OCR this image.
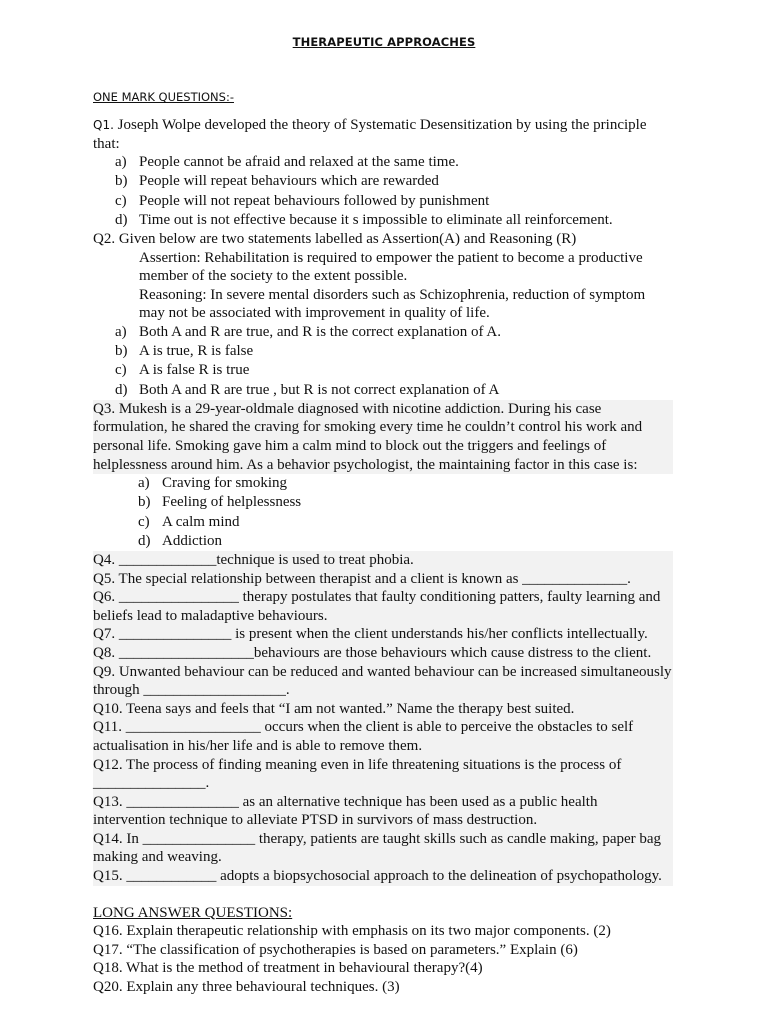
THERAPEUTIC APPROACHES
ONE MARK QUESTIONS:-
Q1. Joseph Wolpe developed the theory of Systematic Desensitization by using the principle that:
a) People cannot be afraid and relaxed at the same time.
b) People will repeat behaviours which are rewarded
c) People will not repeat behaviours followed by punishment
d) Time out is not effective because it s impossible to eliminate all reinforcement.
Q2. Given below are two statements labelled as Assertion(A) and Reasoning (R)
Assertion: Rehabilitation is required to empower the patient to become a productive member of the society to the extent possible.
Reasoning: In severe mental disorders such as Schizophrenia, reduction of symptom may not be associated with improvement in quality of life.
a) Both A and R are true, and R is the correct explanation of A.
b) A is true, R is false
c) A is false R is true
d) Both A and R are true , but R is not correct explanation of A
Q3. Mukesh is a 29-year-oldmale diagnosed with nicotine addiction. During his case formulation, he shared the craving for smoking every time he couldn’t control his work and personal life. Smoking gave him a calm mind to block out the triggers and feelings of helplessness around him. As a behavior psychologist, the maintaining factor in this case is:
a) Craving for smoking
b) Feeling of helplessness
c) A calm mind
d) Addiction
Q4. _____________technique is used to treat phobia.
Q5. The special relationship between therapist and a client is known as ______________.
Q6. ________________ therapy postulates that faulty conditioning patters, faulty learning and beliefs lead to maladaptive behaviours.
Q7. _______________ is present when the client understands his/her conflicts intellectually.
Q8. __________________behaviours are those behaviours which cause distress to the client.
Q9. Unwanted behaviour can be reduced and wanted behaviour can be increased simultaneously through ___________________.
Q10. Teena says and feels that “I am not wanted.” Name the therapy best suited.
Q11. __________________ occurs when the client is able to perceive the obstacles to self actualisation in his/her life and is able to remove them.
Q12. The process of finding meaning even in life threatening situations is the process of _______________.
Q13. _______________ as an alternative technique has been used as a public health intervention technique to alleviate PTSD in survivors of mass destruction.
Q14. In _______________ therapy, patients are taught skills such as candle making, paper bag making and weaving.
Q15. ____________ adopts a biopsychosocial approach to the delineation of psychopathology.
LONG ANSWER QUESTIONS:
Q16. Explain therapeutic relationship with emphasis on its two major components. (2)
Q17. “The classification of psychotherapies is based on parameters.” Explain (6)
Q18. What is the method of treatment in behavioural therapy?(4)
Q20. Explain any three behavioural techniques. (3)
